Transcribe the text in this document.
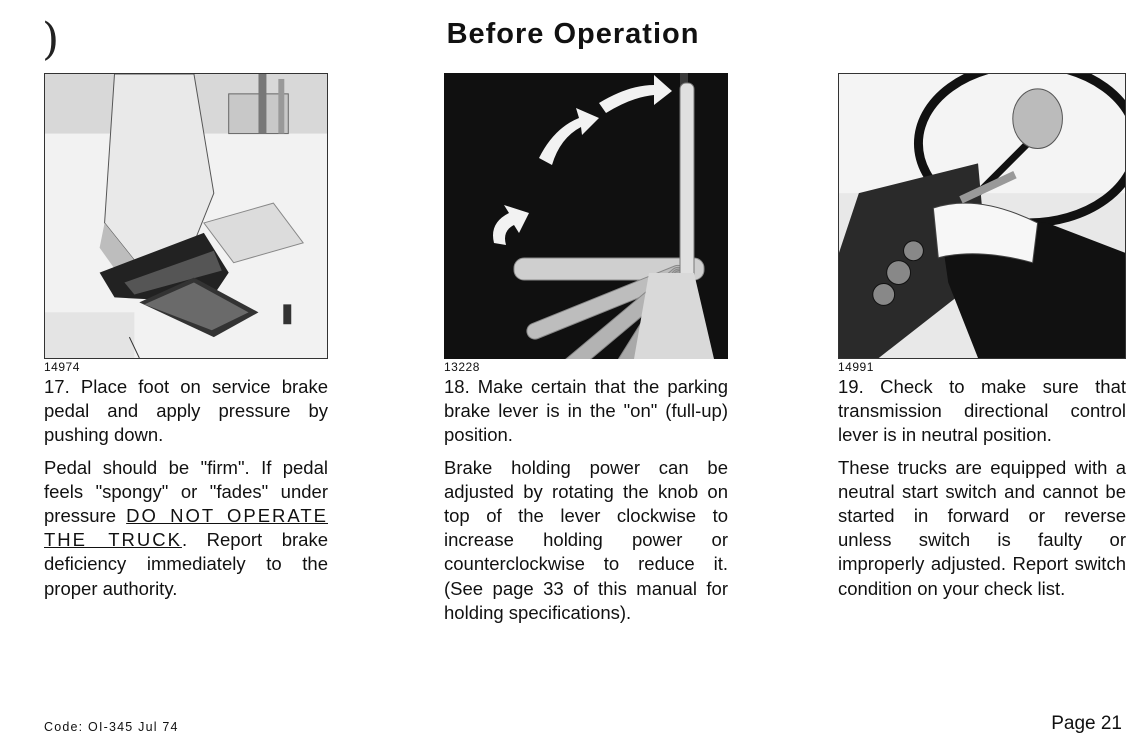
)	Before Operation
14974

17. Place foot on service brake pedal and apply pressure by pushing down.

Pedal should be "firm". If pedal feels "spongy" or "fades" under pressure DO NOT OPERATE THE TRUCK. Report brake deficiency immediately to the proper authority.

13228

18. Make certain that the parking brake lever is in the "on" (full-up) position.

Brake holding power can be adjusted by rotating the knob on top of the lever clockwise to increase holding power or counterclockwise to reduce it. (See page 33 of this manual for holding specifications).

14991

19. Check to make sure that transmission directional control lever is in neutral position.

These trucks are equipped with a neutral start switch and cannot be started in forward or reverse unless switch is faulty or improperly adjusted. Report switch condition on your check list.

Code: OI-345 Jul 74	Page 21
